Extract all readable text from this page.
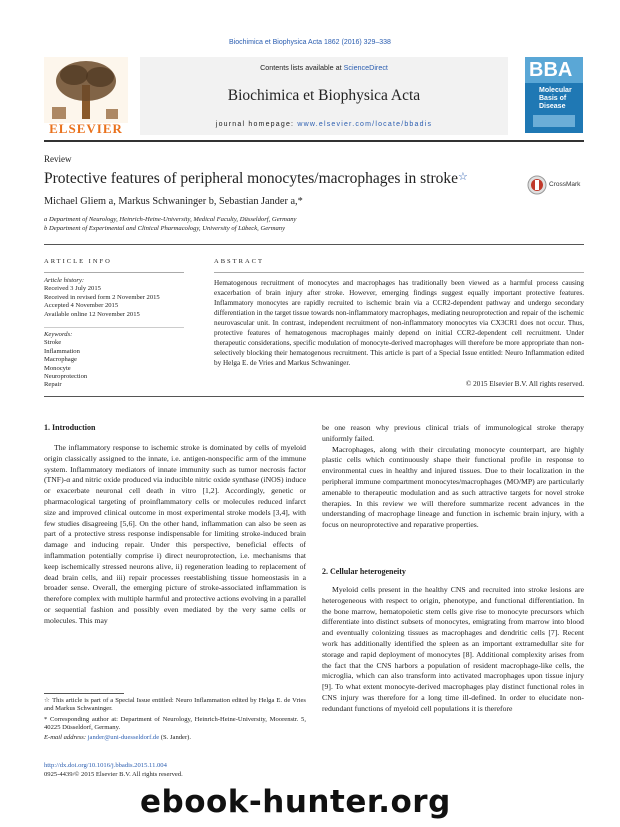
Biochimica et Biophysica Acta 1862 (2016) 329–338
ELSEVIER
Contents lists available at ScienceDirect
Biochimica et Biophysica Acta
journal homepage: www.elsevier.com/locate/bbadis
BBA
Molecular
Basis of
Disease
Review
Protective features of peripheral monocytes/macrophages in stroke☆
CrossMark
Michael Gliem a, Markus Schwaninger b, Sebastian Jander a,*
a Department of Neurology, Heinrich-Heine-University, Medical Faculty, Düsseldorf, Germany
b Department of Experimental and Clinical Pharmacology, University of Lübeck, Germany
ARTICLE INFO	ABSTRACT
Article history:
Received 3 July 2015
Received in revised form 2 November 2015
Accepted 4 November 2015
Available online 12 November 2015
Keywords:
Stroke
Inflammation
Macrophage
Monocyte
Neuroprotection
Repair
Hematogenous recruitment of monocytes and macrophages has traditionally been viewed as a harmful process causing exacerbation of brain injury after stroke. However, emerging findings suggest equally important protective features. Inflammatory monocytes are rapidly recruited to ischemic brain via a CCR2-dependent pathway and undergo secondary differentiation in the target tissue towards non-inflammatory macrophages, mediating neuroprotection and repair of the ischemic neurovascular unit. In contrast, independent recruitment of non-inflammatory monocytes via CX3CR1 does not occur. Thus, protective features of hematogenous macrophages mainly depend on initial CCR2-dependent cell recruitment. Under therapeutic considerations, specific modulation of monocyte-derived macrophages will therefore be more appropriate than non-selectively blocking their hematogenous recruitment. This article is part of a Special Issue entitled: Neuro Inflammation edited by Helga E. de Vries and Markus Schwaninger.
© 2015 Elsevier B.V. All rights reserved.
1. Introduction

The inflammatory response to ischemic stroke is dominated by cells of myeloid origin classically assigned to the innate, i.e. antigen-nonspecific arm of the immune system. Inflammatory mediators of innate immunity such as tumor necrosis factor (TNF)-α and nitric oxide produced via inducible nitric oxide synthase (iNOS) induce or exacerbate neuronal cell death in vitro [1,2]. Accordingly, genetic or pharmacological targeting of proinflammatory cells or molecules reduced infarct size and improved clinical outcome in most experimental stroke models [3,4], with few studies disagreeing [5,6]. On the other hand, inflammation can also be seen as part of a protective stress response indispensable for limiting stroke-induced brain damage and inducing repair. Under this perspective, beneficial effects of inflammation potentially comprise i) direct neuroprotection, i.e. mechanisms that keep ischemically stressed neurons alive, ii) regeneration leading to replacement of dead brain cells, and iii) repair processes reestablishing tissue homeostasis in a broader sense. Overall, the emerging picture of stroke-associated inflammation is therefore complex with multiple harmful and protective actions evolving in a parallel or sequential fashion and possibly even mediated by the very same cells or molecules. This may

be one reason why previous clinical trials of immunological stroke therapy uniformly failed.

Macrophages, along with their circulating monocyte counterpart, are highly plastic cells which continuously shape their functional profile in response to environmental cues in healthy and injured tissues. Due to their localization in the peripheral immune compartment monocytes/macrophages (MO/MP) are particularly amenable to therapeutic modulation and as such attractive targets for novel stroke therapies. In this review we will therefore summarize recent advances in the understanding of macrophage lineage and function in ischemic brain injury, with a focus on neuroprotective and reparative properties.

2. Cellular heterogeneity

Myeloid cells present in the healthy CNS and recruited into stroke lesions are heterogeneous with respect to origin, phenotype, and functional differentiation. In the bone marrow, hematopoietic stem cells give rise to monocyte precursors which differentiate into distinct subsets of monocytes, emigrating from marrow into blood and eventually colonizing tissues as macrophages and dendritic cells [7]. Recent work has additionally identified the spleen as an important extramedullar site for storage and rapid deployment of monocytes [8]. Additional complexity arises from the fact that the CNS harbors a population of resident macrophage-like cells, the microglia, which can also transform into activated macrophages upon tissue injury [9]. To what extent monocyte-derived macrophages play distinct functional roles in CNS injury was therefore for a long time ill-defined. In order to elucidate non-redundant functions of myeloid cell populations it is therefore

☆ This article is part of a Special Issue entitled: Neuro Inflammation edited by Helga E. de Vries and Markus Schwaninger.
* Corresponding author at: Department of Neurology, Heinrich-Heine-University, Moorenstr. 5, 40225 Düsseldorf, Germany.
E-mail address: jander@uni-duesseldorf.de (S. Jander).
http://dx.doi.org/10.1016/j.bbadis.2015.11.004
0925-4439/© 2015 Elsevier B.V. All rights reserved.
ebook-hunter.org
